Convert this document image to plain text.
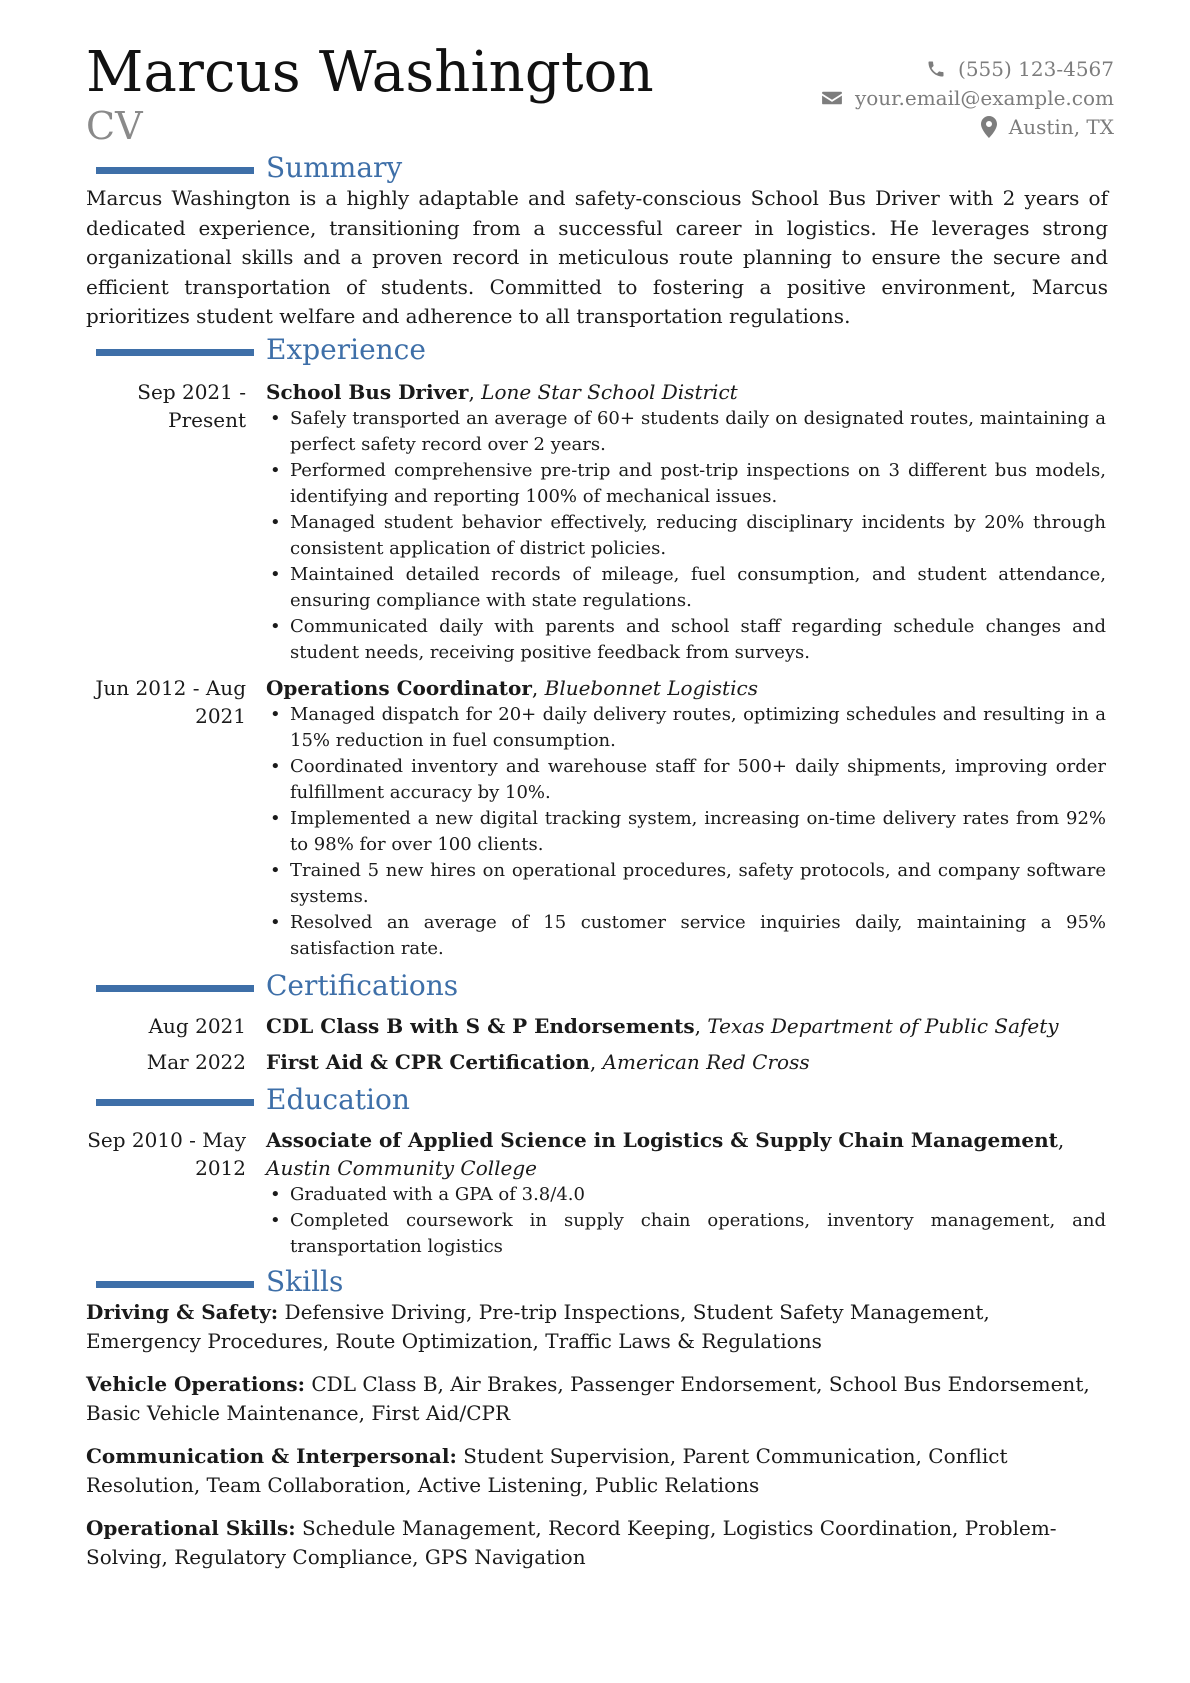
Marcus Washington
CV
(555) 123-4567
your.email@example.com
Austin, TX
Summary

Marcus Washington is a highly adaptable and safety-conscious School Bus Driver with 2 years of dedicated experience, transitioning from a successful career in logistics. He leverages strong organizational skills and a proven record in meticulous route planning to ensure the secure and efficient transportation of students. Committed to fostering a positive environment, Marcus prioritizes student welfare and adherence to all transportation regulations.

Experience
Sep 2021 - Present
School Bus Driver, Lone Star School District
• Safely transported an average of 60+ students daily on designated routes, maintaining a perfect safety record over 2 years.
• Performed comprehensive pre-trip and post-trip inspections on 3 different bus models, identifying and reporting 100% of mechanical issues.
• Managed student behavior effectively, reducing disciplinary incidents by 20% through consistent application of district policies.
• Maintained detailed records of mileage, fuel consumption, and student attendance, ensuring compliance with state regulations.
• Communicated daily with parents and school staff regarding schedule changes and student needs, receiving positive feedback from surveys.
Jun 2012 - Aug 2021
Operations Coordinator, Bluebonnet Logistics
• Managed dispatch for 20+ daily delivery routes, optimizing schedules and resulting in a 15% reduction in fuel consumption.
• Coordinated inventory and warehouse staff for 500+ daily shipments, improving order fulfillment accuracy by 10%.
• Implemented a new digital tracking system, increasing on-time delivery rates from 92% to 98% for over 100 clients.
• Trained 5 new hires on operational procedures, safety protocols, and company software systems.
• Resolved an average of 15 customer service inquiries daily, maintaining a 95% satisfaction rate.
Certifications
Aug 2021	CDL Class B with S & P Endorsements, Texas Department of Public Safety
Mar 2022	First Aid & CPR Certification, American Red Cross
Education
Sep 2010 - May 2012
Associate of Applied Science in Logistics & Supply Chain Management,
Austin Community College
• Graduated with a GPA of 3.8/4.0
• Completed coursework in supply chain operations, inventory management, and transportation logistics
Skills

Driving & Safety: Defensive Driving, Pre-trip Inspections, Student Safety Management, Emergency Procedures, Route Optimization, Traffic Laws & Regulations

Vehicle Operations: CDL Class B, Air Brakes, Passenger Endorsement, School Bus Endorsement, Basic Vehicle Maintenance, First Aid/CPR

Communication & Interpersonal: Student Supervision, Parent Communication, Conflict Resolution, Team Collaboration, Active Listening, Public Relations

Operational Skills: Schedule Management, Record Keeping, Logistics Coordination, Problem-Solving, Regulatory Compliance, GPS Navigation
